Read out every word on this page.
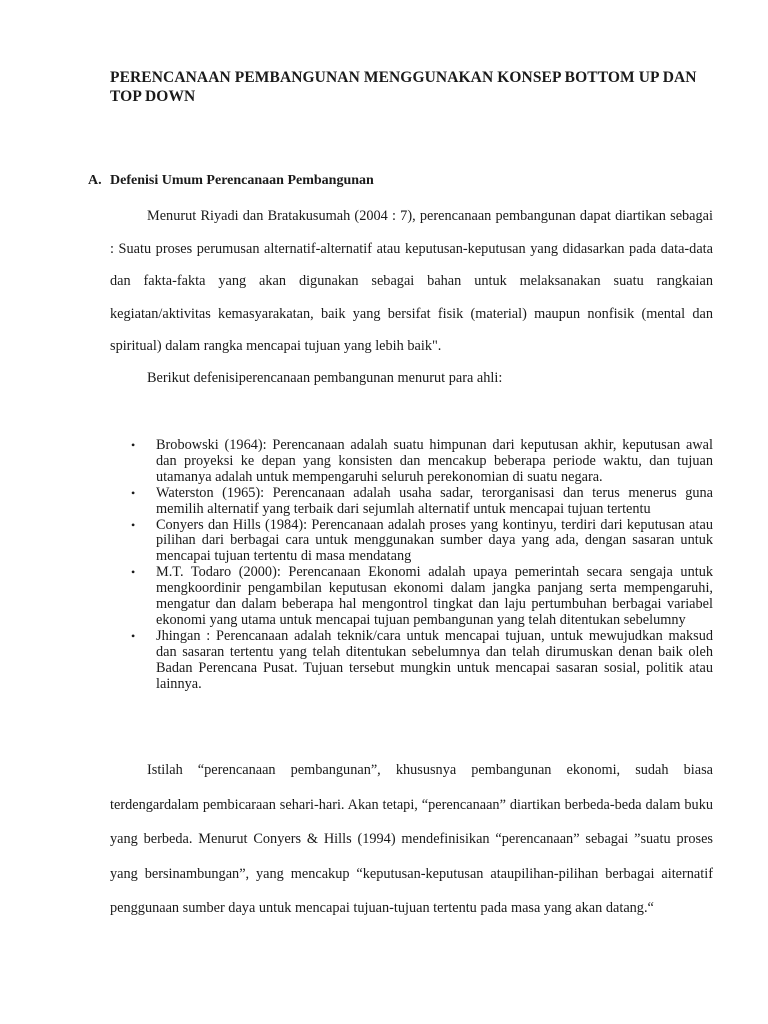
PERENCANAAN PEMBANGUNAN MENGGUNAKAN KONSEP BOTTOM UP DAN TOP DOWN
A. Defenisi Umum Perencanaan Pembangunan

Menurut Riyadi dan Bratakusumah (2004 : 7), perencanaan pembangunan dapat diartikan sebagai : Suatu proses perumusan alternatif-alternatif atau keputusan-keputusan yang didasarkan pada data-data dan fakta-fakta yang akan digunakan sebagai bahan untuk melaksanakan suatu rangkaian kegiatan/aktivitas kemasyarakatan, baik yang bersifat fisik (material) maupun nonfisik (mental dan spiritual) dalam rangka mencapai tujuan yang lebih baik".

Berikut defenisiperencanaan pembangunan menurut para ahli:

• Brobowski (1964): Perencanaan adalah suatu himpunan dari keputusan akhir, keputusan awal dan proyeksi ke depan yang konsisten dan mencakup beberapa periode waktu, dan tujuan utamanya adalah untuk mempengaruhi seluruh perekonomian di suatu negara.
• Waterston (1965): Perencanaan adalah usaha sadar, terorganisasi dan terus menerus guna memilih alternatif yang terbaik dari sejumlah alternatif untuk mencapai tujuan tertentu
• Conyers dan Hills (1984): Perencanaan adalah proses yang kontinyu, terdiri dari keputusan atau pilihan dari berbagai cara untuk menggunakan sumber daya yang ada, dengan sasaran untuk mencapai tujuan tertentu di masa mendatang
• M.T. Todaro (2000): Perencanaan Ekonomi adalah upaya pemerintah secara sengaja untuk mengkoordinir pengambilan keputusan ekonomi dalam jangka panjang serta mempengaruhi, mengatur dan dalam beberapa hal mengontrol tingkat dan laju pertumbuhan berbagai variabel ekonomi yang utama untuk mencapai tujuan pembangunan yang telah ditentukan sebelumny
• Jhingan : Perencanaan adalah teknik/cara untuk mencapai tujuan, untuk mewujudkan maksud dan sasaran tertentu yang telah ditentukan sebelumnya dan telah dirumuskan denan baik oleh Badan Perencana Pusat. Tujuan tersebut mungkin untuk mencapai sasaran sosial, politik atau lainnya.

Istilah “perencanaan pembangunan”, khususnya pembangunan ekonomi, sudah biasa terdengardalam pembicaraan sehari-hari. Akan tetapi, “perencanaan” diartikan berbeda-beda dalam buku yang berbeda. Menurut Conyers & Hills (1994) mendefinisikan “perencanaan” sebagai ”suatu proses yang bersinambungan”, yang mencakup “keputusan-keputusan ataupilihan-pilihan berbagai aiternatif penggunaan sumber daya untuk mencapai tujuan-tujuan tertentu pada masa yang akan datang.“
